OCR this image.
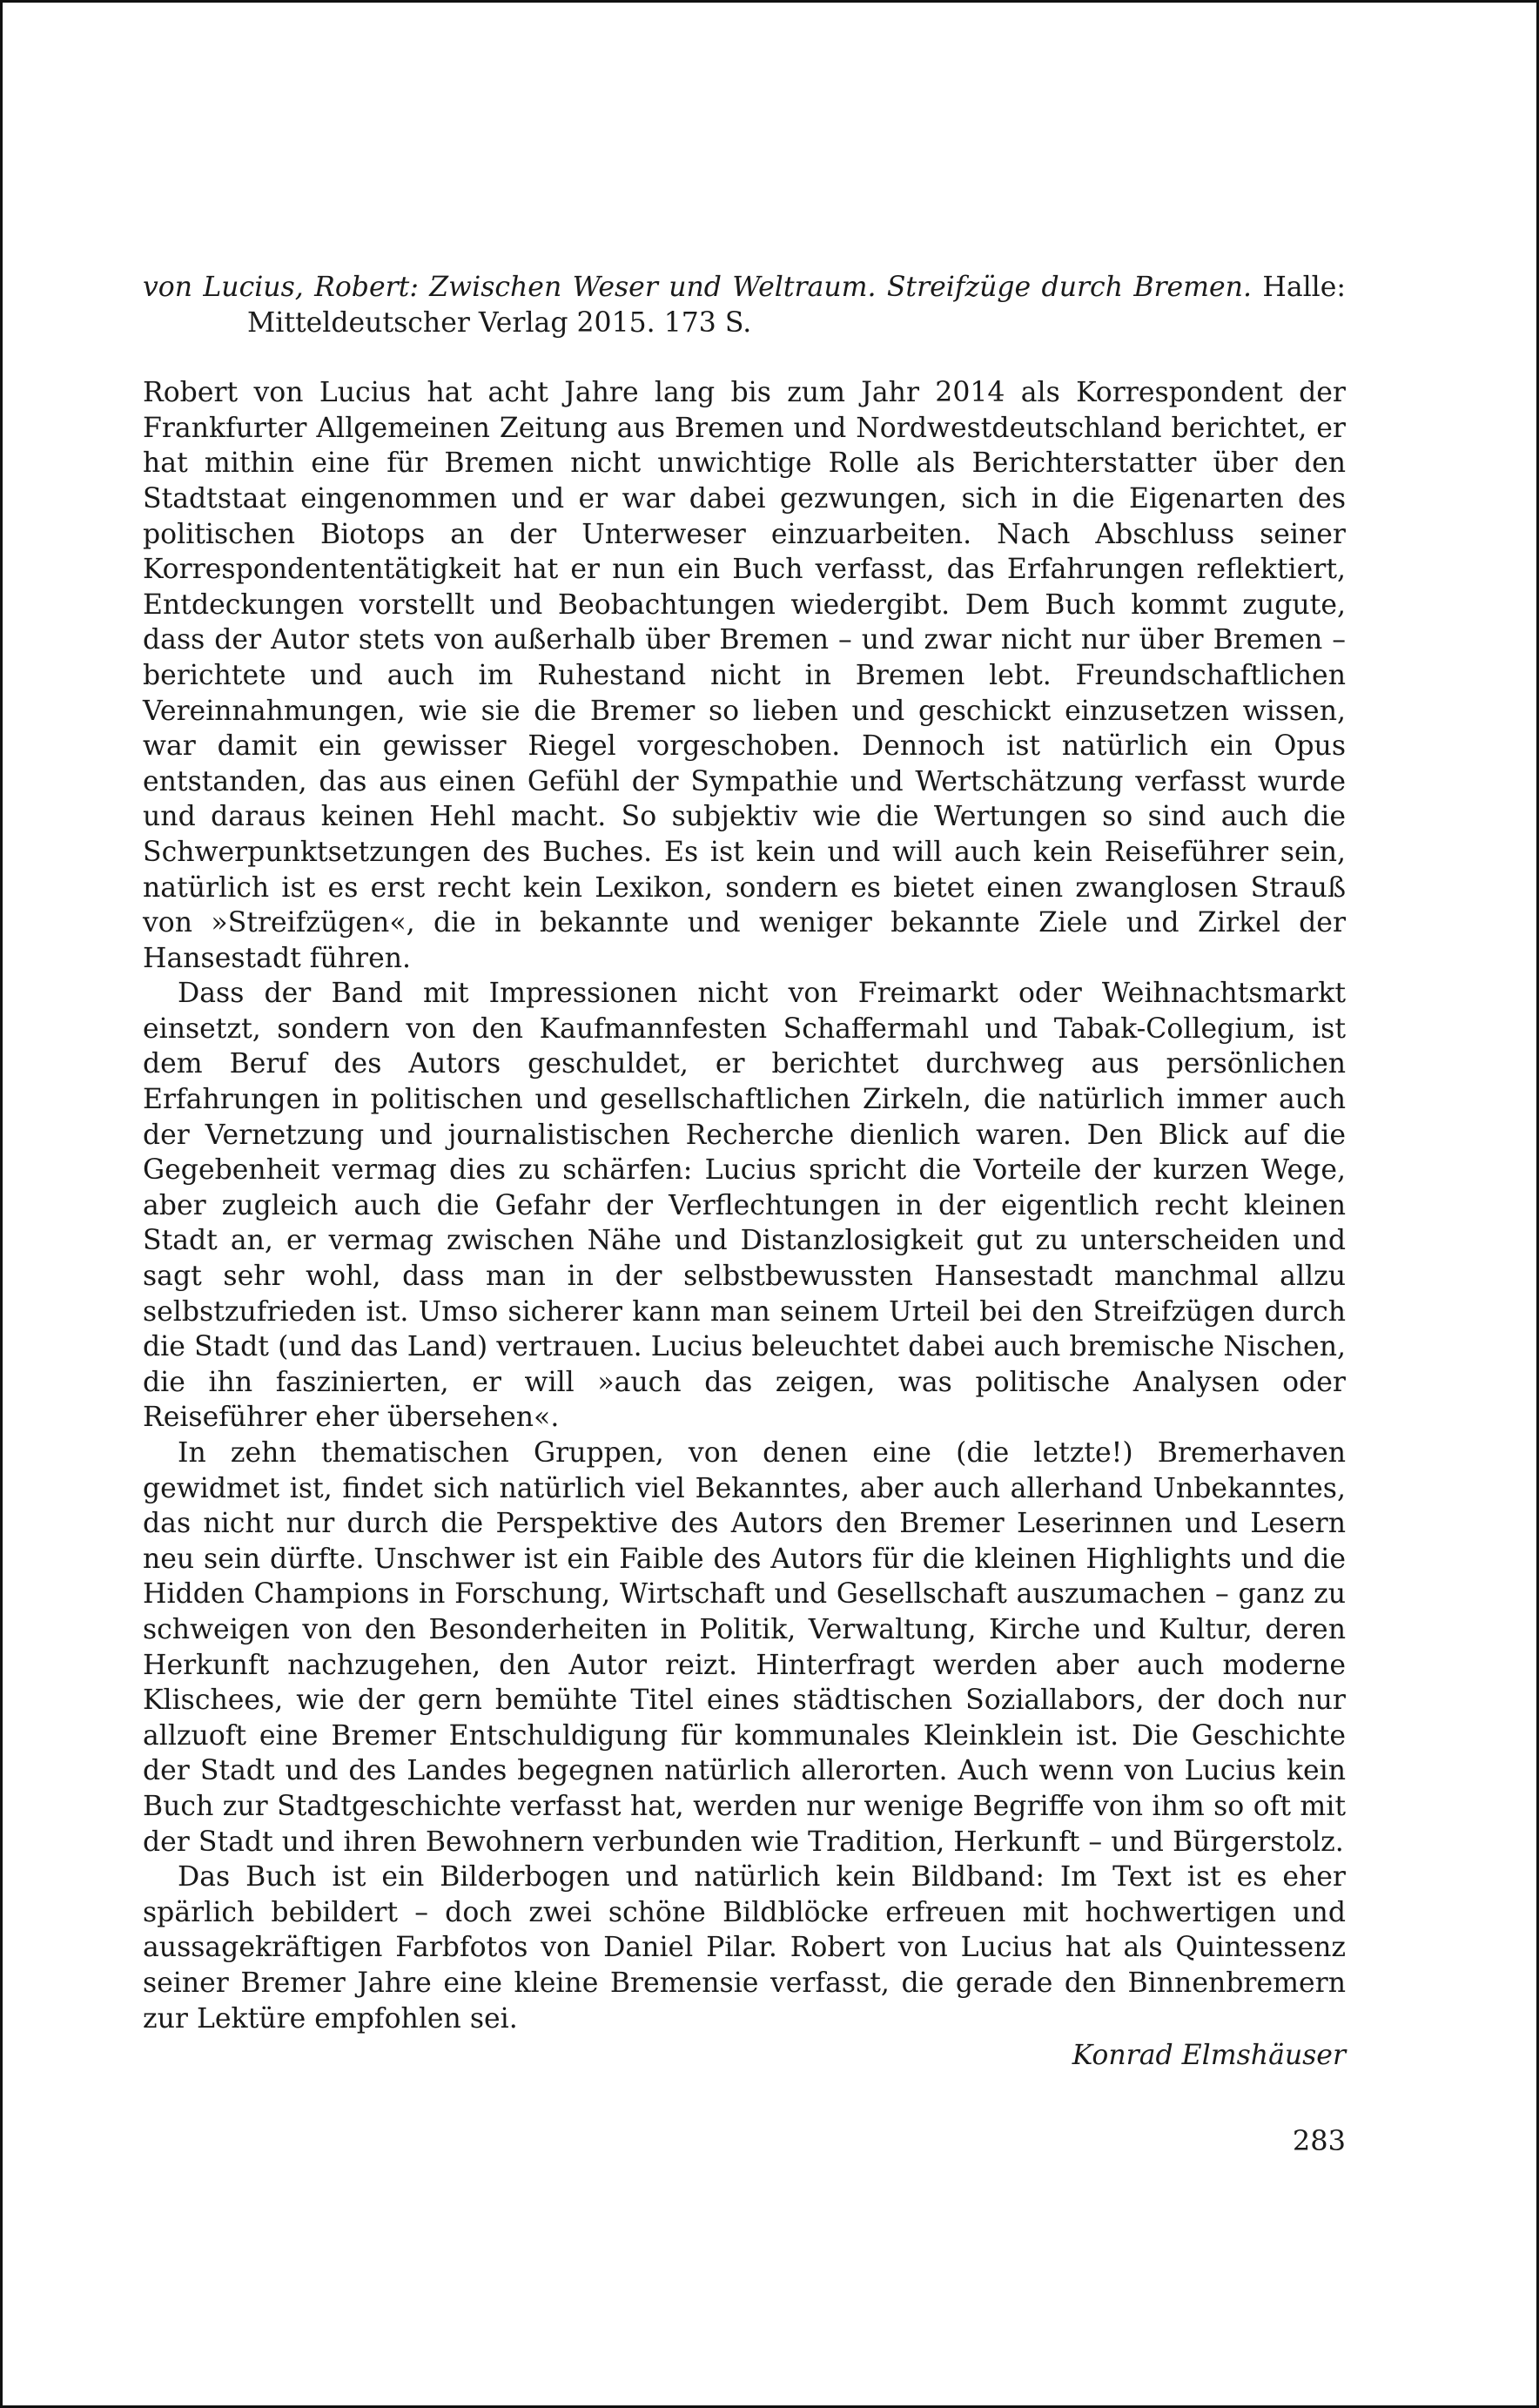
von Lucius, Robert: Zwischen Weser und Weltraum. Streifzüge durch Bremen. Halle: Mitteldeutscher Verlag 2015. 173 S.

Robert von Lucius hat acht Jahre lang bis zum Jahr 2014 als Korrespondent der Frankfurter Allgemeinen Zeitung aus Bremen und Nordwestdeutschland berichtet, er hat mithin eine für Bremen nicht unwichtige Rolle als Berichterstatter über den Stadtstaat eingenommen und er war dabei gezwungen, sich in die Eigenarten des politischen Biotops an der Unterweser einzuarbeiten. Nach Abschluss seiner Korrespondententätigkeit hat er nun ein Buch verfasst, das Erfahrungen reflektiert, Entdeckungen vorstellt und Beobachtungen wiedergibt. Dem Buch kommt zugute, dass der Autor stets von außerhalb über Bremen – und zwar nicht nur über Bremen – berichtete und auch im Ruhestand nicht in Bremen lebt. Freundschaftlichen Vereinnahmungen, wie sie die Bremer so lieben und geschickt einzusetzen wissen, war damit ein gewisser Riegel vorgeschoben. Dennoch ist natürlich ein Opus entstanden, das aus einen Gefühl der Sympathie und Wertschätzung verfasst wurde und daraus keinen Hehl macht. So subjektiv wie die Wertungen so sind auch die Schwerpunktsetzungen des Buches. Es ist kein und will auch kein Reiseführer sein, natürlich ist es erst recht kein Lexikon, sondern es bietet einen zwanglosen Strauß von »Streifzügen«, die in bekannte und weniger bekannte Ziele und Zirkel der Hansestadt führen.

Dass der Band mit Impressionen nicht von Freimarkt oder Weihnachtsmarkt einsetzt, sondern von den Kaufmannfesten Schaffermahl und Tabak-Collegium, ist dem Beruf des Autors geschuldet, er berichtet durchweg aus persönlichen Erfahrungen in politischen und gesellschaftlichen Zirkeln, die natürlich immer auch der Vernetzung und journalistischen Recherche dienlich waren. Den Blick auf die Gegebenheit vermag dies zu schärfen: Lucius spricht die Vorteile der kurzen Wege, aber zugleich auch die Gefahr der Verflechtungen in der eigentlich recht kleinen Stadt an, er vermag zwischen Nähe und Distanzlosigkeit gut zu unterscheiden und sagt sehr wohl, dass man in der selbstbewussten Hansestadt manchmal allzu selbstzufrieden ist. Umso sicherer kann man seinem Urteil bei den Streifzügen durch die Stadt (und das Land) vertrauen. Lucius beleuchtet dabei auch bremische Nischen, die ihn faszinierten, er will »auch das zeigen, was politische Analysen oder Reiseführer eher übersehen«.

In zehn thematischen Gruppen, von denen eine (die letzte!) Bremerhaven gewidmet ist, findet sich natürlich viel Bekanntes, aber auch allerhand Unbekanntes, das nicht nur durch die Perspektive des Autors den Bremer Leserinnen und Lesern neu sein dürfte. Unschwer ist ein Faible des Autors für die kleinen Highlights und die Hidden Champions in Forschung, Wirtschaft und Gesellschaft auszumachen – ganz zu schweigen von den Besonderheiten in Politik, Verwaltung, Kirche und Kultur, deren Herkunft nachzugehen, den Autor reizt. Hinterfragt werden aber auch moderne Klischees, wie der gern bemühte Titel eines städtischen Soziallabors, der doch nur allzuoft eine Bremer Entschuldigung für kommunales Kleinklein ist. Die Geschichte der Stadt und des Landes begegnen natürlich allerorten. Auch wenn von Lucius kein Buch zur Stadtgeschichte verfasst hat, werden nur wenige Begriffe von ihm so oft mit der Stadt und ihren Bewohnern verbunden wie Tradition, Herkunft – und Bürgerstolz.

Das Buch ist ein Bilderbogen und natürlich kein Bildband: Im Text ist es eher spärlich bebildert – doch zwei schöne Bildblöcke erfreuen mit hochwertigen und aussagekräftigen Farbfotos von Daniel Pilar. Robert von Lucius hat als Quintessenz seiner Bremer Jahre eine kleine Bremensie verfasst, die gerade den Binnenbremern zur Lektüre empfohlen sei.

Konrad Elmshäuser

283
